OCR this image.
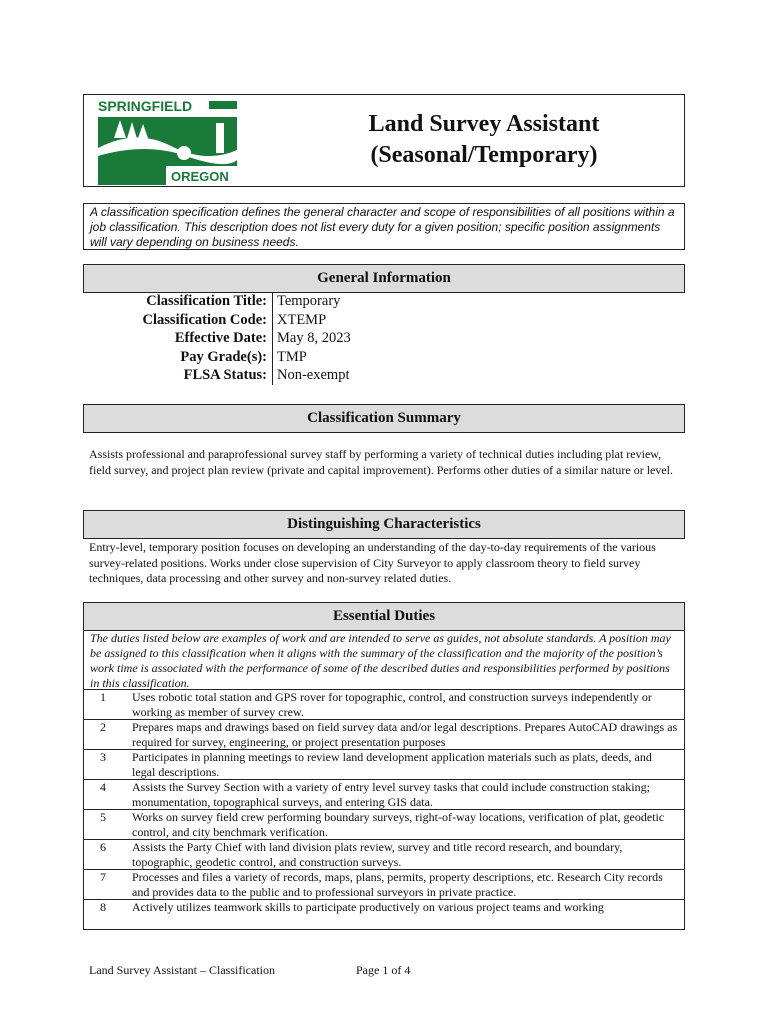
SPRINGFIELD
OREGON
Land Survey Assistant
(Seasonal/Temporary)
A classification specification defines the general character and scope of responsibilities of all positions within a job classification. This description does not list every duty for a given position; specific position assignments will vary depending on business needs.
General Information
Classification Title: Temporary
Classification Code: XTEMP
Effective Date: May 8, 2023
Pay Grade(s): TMP
FLSA Status: Non-exempt
Classification Summary
Assists professional and paraprofessional survey staff by performing a variety of technical duties including plat review, field survey, and project plan review (private and capital improvement). Performs other duties of a similar nature or level.
Distinguishing Characteristics
Entry-level, temporary position focuses on developing an understanding of the day-to-day requirements of the various survey-related positions. Works under close supervision of City Surveyor to apply classroom theory to field survey techniques, data processing and other survey and non-survey related duties.
Essential Duties
The duties listed below are examples of work and are intended to serve as guides, not absolute standards. A position may be assigned to this classification when it aligns with the summary of the classification and the majority of the position’s work time is associated with the performance of some of the described duties and responsibilities performed by positions in this classification.
1	Uses robotic total station and GPS rover for topographic, control, and construction surveys independently or working as member of survey crew.
2	Prepares maps and drawings based on field survey data and/or legal descriptions. Prepares AutoCAD drawings as required for survey, engineering, or project presentation purposes
3	Participates in planning meetings to review land development application materials such as plats, deeds, and legal descriptions.
4	Assists the Survey Section with a variety of entry level survey tasks that could include construction staking; monumentation, topographical surveys, and entering GIS data.
5	Works on survey field crew performing boundary surveys, right-of-way locations, verification of plat, geodetic control, and city benchmark verification.
6	Assists the Party Chief with land division plats review, survey and title record research, and boundary, topographic, geodetic control, and construction surveys.
7	Processes and files a variety of records, maps, plans, permits, property descriptions, etc. Research City records and provides data to the public and to professional surveyors in private practice.
8	Actively utilizes teamwork skills to participate productively on various project teams and working
Land Survey Assistant – Classification	Page 1 of 4
